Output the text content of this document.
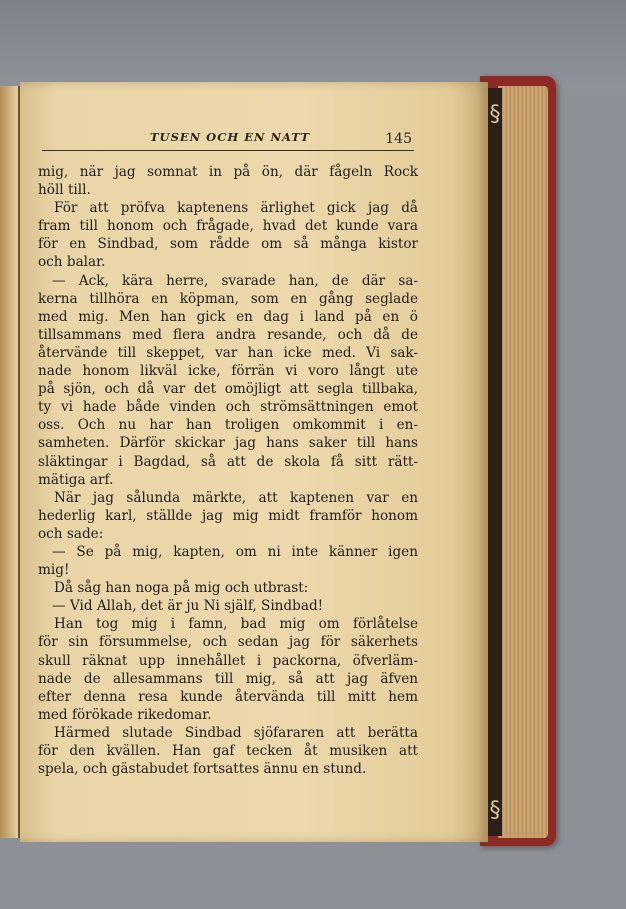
§
§
TUSEN OCH EN NATT	145
mig, när jag somnat in på ön, där fågeln Rock
höll till.
För att pröfva kaptenens ärlighet gick jag då
fram till honom och frågade, hvad det kunde vara
för en Sindbad, som rådde om så många kistor
och balar.
— Ack, kära herre, svarade han, de där sa-
kerna tillhöra en köpman, som en gång seglade
med mig. Men han gick en dag i land på en ö
tillsammans med flera andra resande, och då de
återvände till skeppet, var han icke med. Vi sak-
nade honom likväl icke, förrän vi voro långt ute
på sjön, och då var det omöjligt att segla tillbaka,
ty vi hade både vinden och strömsättningen emot
oss. Och nu har han troligen omkommit i en-
samheten. Därför skickar jag hans saker till hans
släktingar i Bagdad, så att de skola få sitt rätt-
mätiga arf.
När jag sålunda märkte, att kaptenen var en
hederlig karl, ställde jag mig midt framför honom
och sade:
— Se på mig, kapten, om ni inte känner igen
mig!
Då såg han noga på mig och utbrast:
— Vid Allah, det är ju Ni själf, Sindbad!
Han tog mig i famn, bad mig om förlåtelse
för sin försummelse, och sedan jag för säkerhets
skull räknat upp innehållet i packorna, öfverläm-
nade de allesammans till mig, så att jag äfven
efter denna resa kunde återvända till mitt hem
med förökade rikedomar.
Härmed slutade Sindbad sjöfararen att berätta
för den kvällen. Han gaf tecken åt musiken att
spela, och gästabudet fortsattes ännu en stund.
